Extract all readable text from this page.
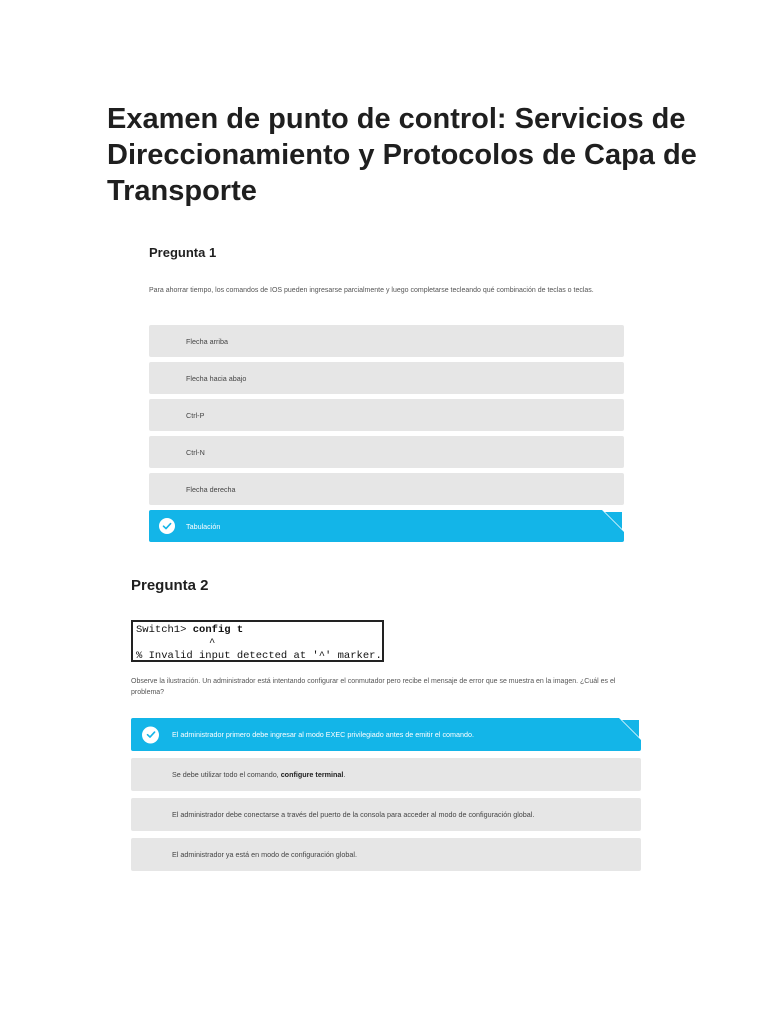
Examen de punto de control: Servicios de Direccionamiento y Protocolos de Capa de Transporte
Pregunta 1
Para ahorrar tiempo, los comandos de IOS pueden ingresarse parcialmente y luego completarse tecleando qué combinación de teclas o teclas.
Flecha arriba
Flecha hacia abajo
Ctrl-P
Ctrl-N
Flecha derecha
Tabulación
Pregunta 2
Switch1> config t
^
% Invalid input detected at '^' marker.
Observe la ilustración. Un administrador está intentando configurar el conmutador pero recibe el mensaje de error que se muestra en la imagen. ¿Cuál es el problema?
El administrador primero debe ingresar al modo EXEC privilegiado antes de emitir el comando.
Se debe utilizar todo el comando, configure terminal.
El administrador debe conectarse a través del puerto de la consola para acceder al modo de configuración global.
El administrador ya está en modo de configuración global.
